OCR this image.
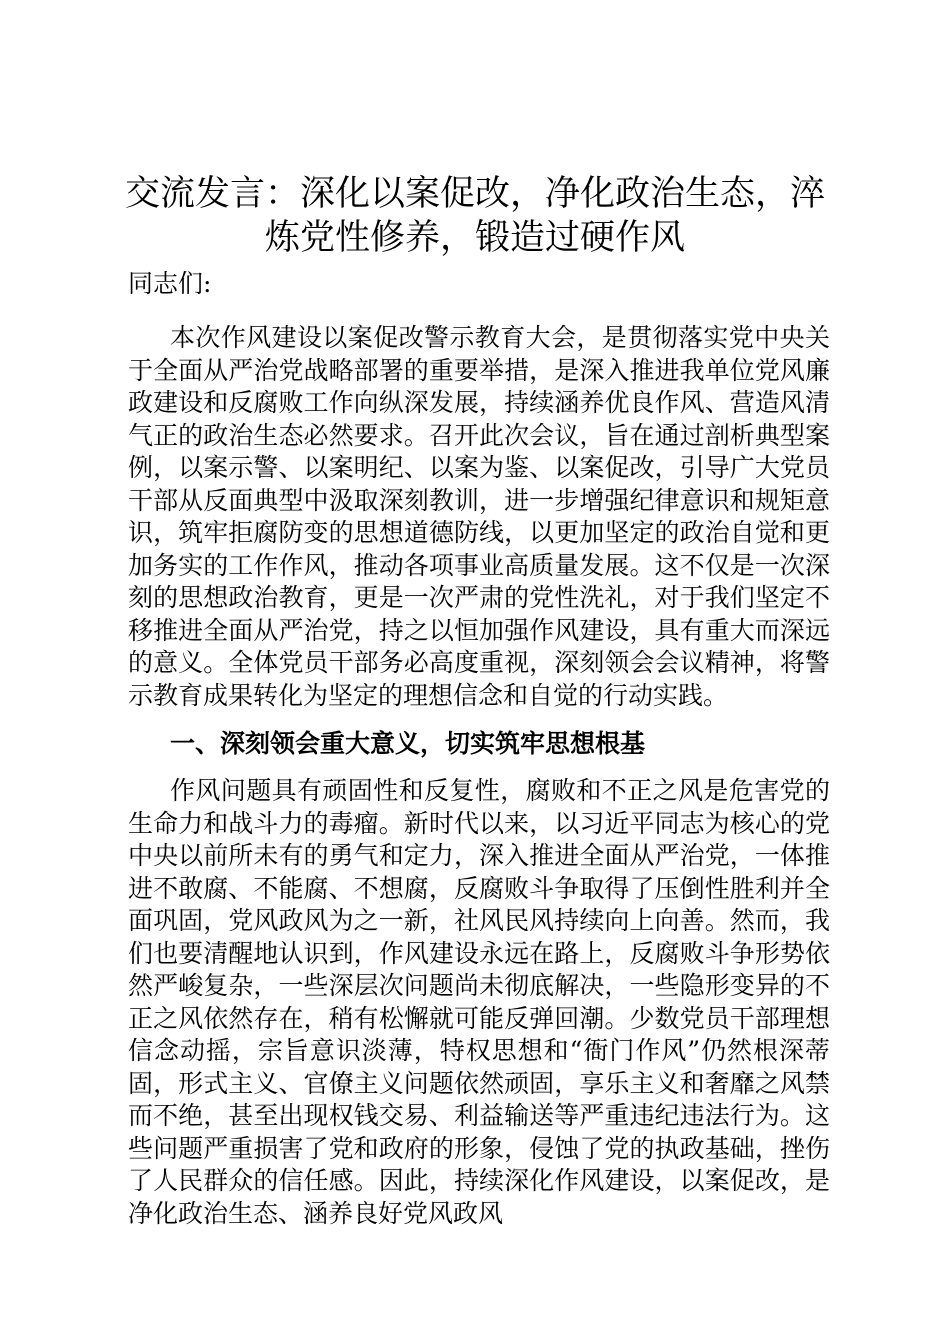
交流发言：深化以案促改，净化政治生态，淬炼党性修养，锻造过硬作风

同志们:

本次作风建设以案促改警示教育大会，是贯彻落实党中央关于全面从严治党战略部署的重要举措，是深入推进我单位党风廉政建设和反腐败工作向纵深发展，持续涵养优良作风、营造风清气正的政治生态必然要求。召开此次会议，旨在通过剖析典型案例，以案示警、以案明纪、以案为鉴、以案促改，引导广大党员干部从反面典型中汲取深刻教训，进一步增强纪律意识和规矩意识，筑牢拒腐防变的思想道德防线，以更加坚定的政治自觉和更加务实的工作作风，推动各项事业高质量发展。这不仅是一次深刻的思想政治教育，更是一次严肃的党性洗礼，对于我们坚定不移推进全面从严治党，持之以恒加强作风建设，具有重大而深远的意义。全体党员干部务必高度重视，深刻领会会议精神，将警示教育成果转化为坚定的理想信念和自觉的行动实践。

一、深刻领会重大意义，切实筑牢思想根基

作风问题具有顽固性和反复性，腐败和不正之风是危害党的生命力和战斗力的毒瘤。新时代以来，以习近平同志为核心的党中央以前所未有的勇气和定力，深入推进全面从严治党，一体推进不敢腐、不能腐、不想腐，反腐败斗争取得了压倒性胜利并全面巩固，党风政风为之一新，社风民风持续向上向善。然而，我们也要清醒地认识到，作风建设永远在路上，反腐败斗争形势依然严峻复杂，一些深层次问题尚未彻底解决，一些隐形变异的不正之风依然存在，稍有松懈就可能反弹回潮。少数党员干部理想信念动摇，宗旨意识淡薄，特权思想和“衙门作风”仍然根深蒂固，形式主义、官僚主义问题依然顽固，享乐主义和奢靡之风禁而不绝，甚至出现权钱交易、利益输送等严重违纪违法行为。这些问题严重损害了党和政府的形象，侵蚀了党的执政基础，挫伤了人民群众的信任感。因此，持续深化作风建设，以案促改，是净化政治生态、涵养良好党风政风
